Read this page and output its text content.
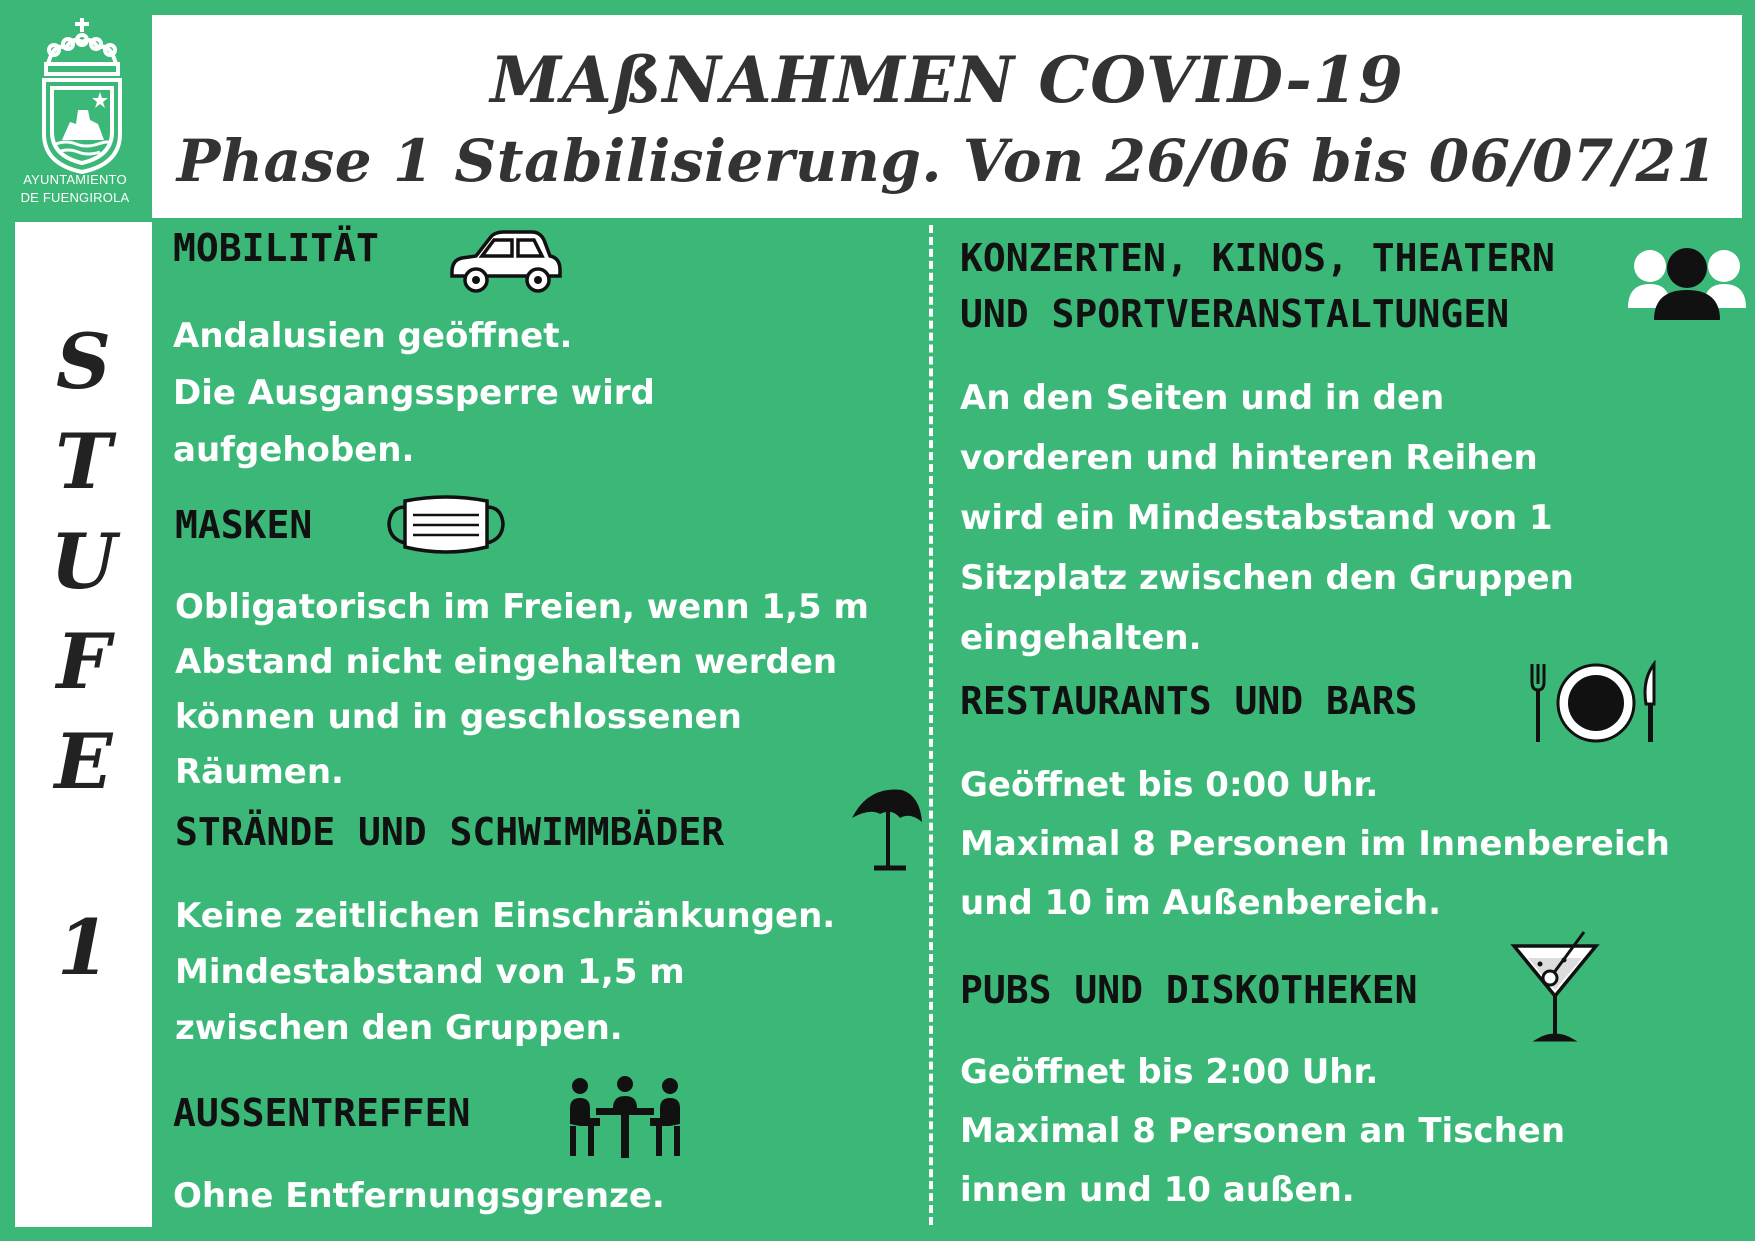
AYUNTAMIENTO
DE FUENGIROLA
MAßNAHMEN COVID-19
Phase 1 Stabilisierung. Von 26/06 bis 06/07/21
S
T
U
F
E
1
MOBILITÄT
Andalusien geöffnet.
Die Ausgangssperre wird
aufgehoben.
MASKEN
Obligatorisch im Freien, wenn 1,5 m
Abstand nicht eingehalten werden
können und in geschlossenen
Räumen.
STRÄNDE UND SCHWIMMBÄDER
Keine zeitlichen Einschränkungen.
Mindestabstand von 1,5 m
zwischen den Gruppen.
AUSSENTREFFEN
Ohne Entfernungsgrenze.
KONZERTEN, KINOS, THEATERN
UND SPORTVERANSTALTUNGEN
An den Seiten und in den
vorderen und hinteren Reihen
wird ein Mindestabstand von 1
Sitzplatz zwischen den Gruppen
eingehalten.
RESTAURANTS UND BARS
Geöffnet bis 0:00 Uhr.
Maximal 8 Personen im Innenbereich
und 10 im Außenbereich.
PUBS UND DISKOTHEKEN
Geöffnet bis 2:00 Uhr.
Maximal 8 Personen an Tischen
innen und 10 außen.
